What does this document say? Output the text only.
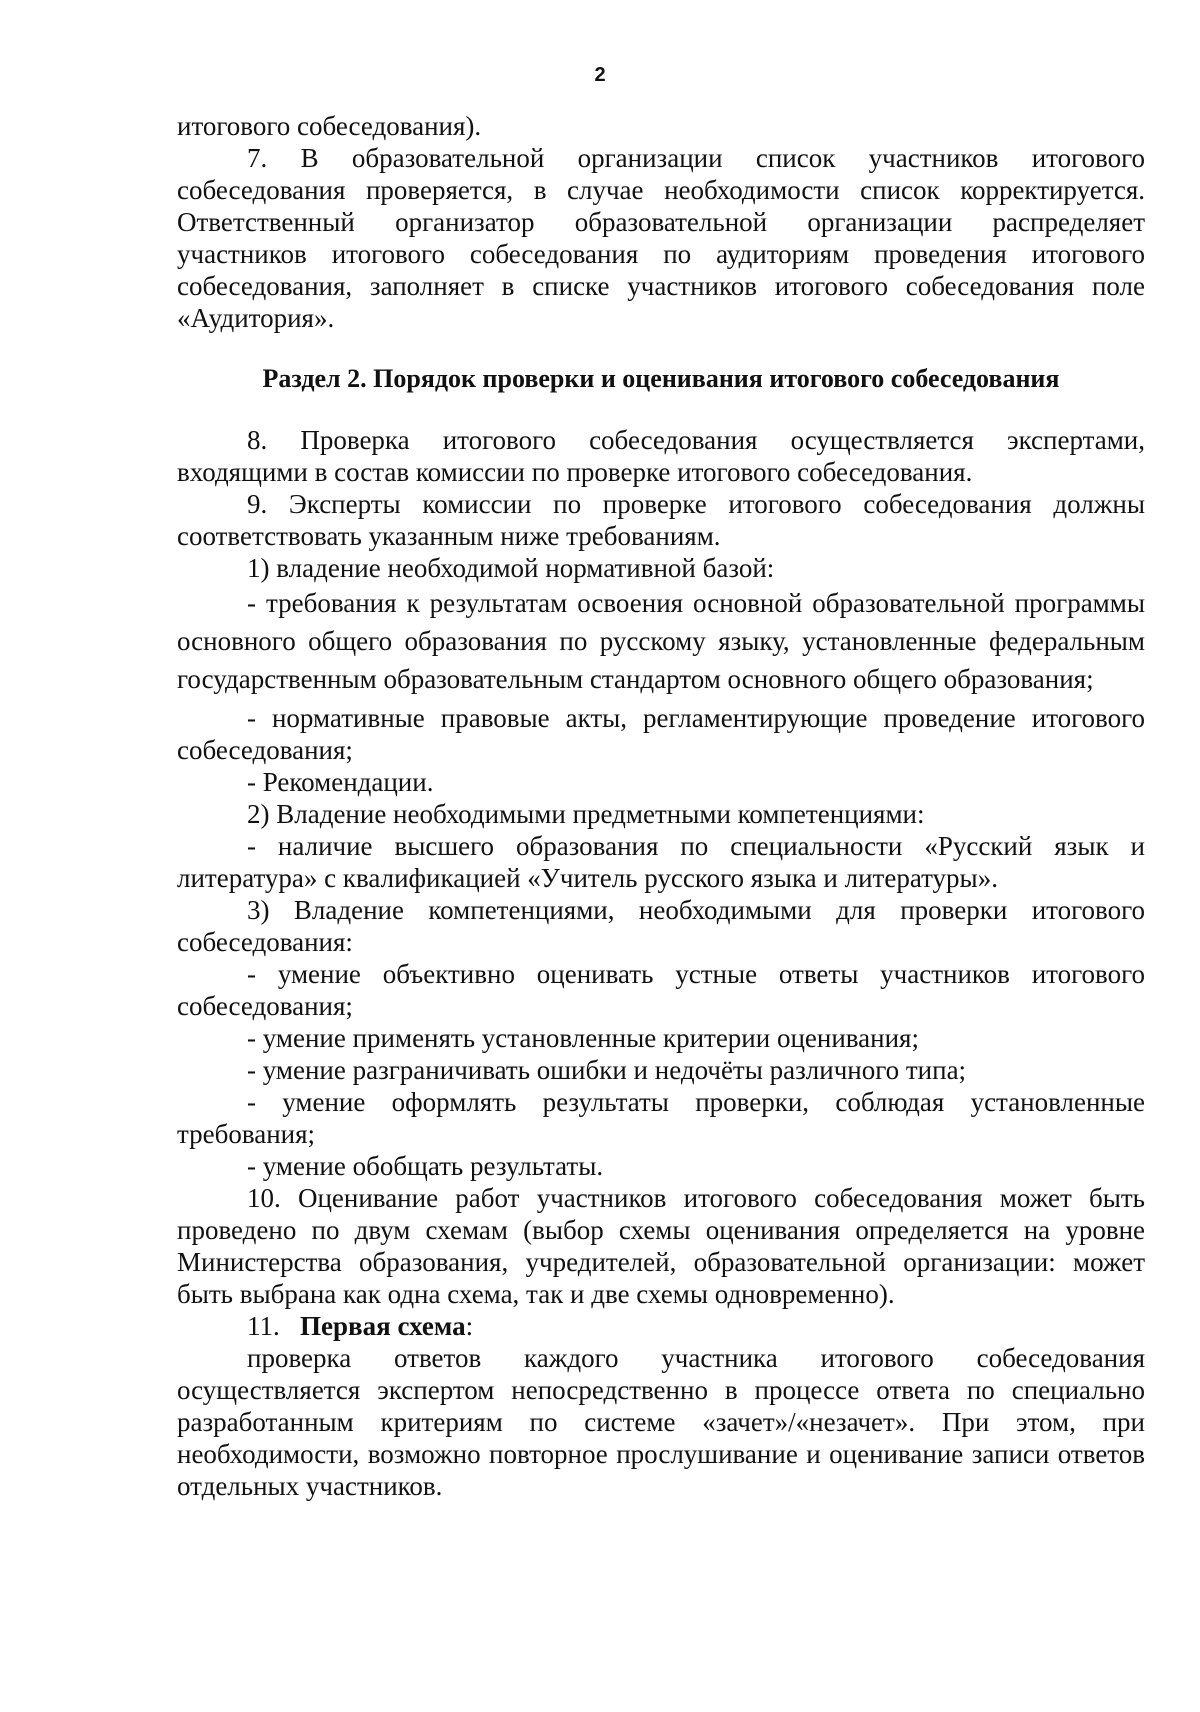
2

итогового собеседования).

7. В образовательной организации список участников итогового собеседования проверяется, в случае необходимости список корректируется. Ответственный организатор образовательной организации распределяет участников итогового собеседования по аудиториям проведения итогового собеседования, заполняет в списке участников итогового собеседования поле «Аудитория».

Раздел 2. Порядок проверки и оценивания итогового собеседования

8. Проверка итогового собеседования осуществляется экспертами, входящими в состав комиссии по проверке итогового собеседования.

9. Эксперты комиссии по проверке итогового собеседования должны соответствовать указанным ниже требованиям.

1) владение необходимой нормативной базой:

- требования к результатам освоения основной образовательной программы основного общего образования по русскому языку, установленные федеральным государственным образовательным стандартом основного общего образования;

- нормативные правовые акты, регламентирующие проведение итогового собеседования;

- Рекомендации.

2) Владение необходимыми предметными компетенциями:

- наличие высшего образования по специальности «Русский язык и литература» с квалификацией «Учитель русского языка и литературы».

3) Владение компетенциями, необходимыми для проверки итогового собеседования:

- умение объективно оценивать устные ответы участников итогового собеседования;

- умение применять установленные критерии оценивания;

- умение разграничивать ошибки и недочёты различного типа;

- умение оформлять результаты проверки, соблюдая установленные требования;

- умение обобщать результаты.

10. Оценивание работ участников итогового собеседования может быть проведено по двум схемам (выбор схемы оценивания определяется на уровне Министерства образования, учредителей, образовательной организации: может быть выбрана как одна схема, так и две схемы одновременно).

11. Первая схема:

проверка ответов каждого участника итогового собеседования осуществляется экспертом непосредственно в процессе ответа по специально разработанным критериям по системе «зачет»/«незачет». При этом, при необходимости, возможно повторное прослушивание и оценивание записи ответов отдельных участников.
